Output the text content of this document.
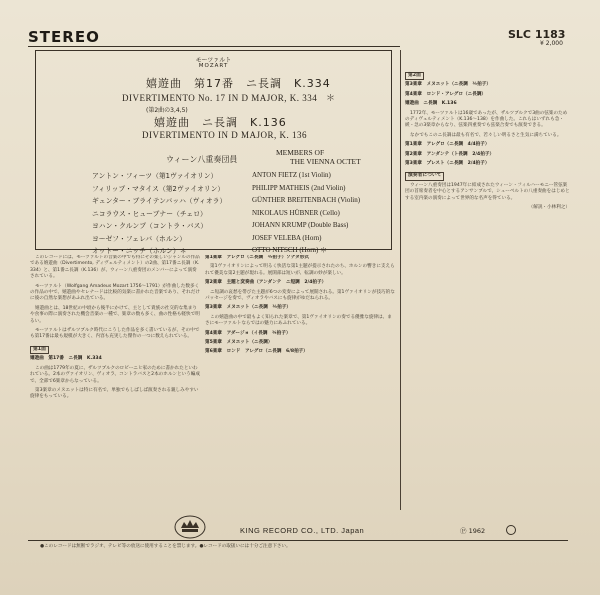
STEREO	SLC 1183
¥ 2,000
モーツァルト
MOZART
嬉遊曲　第17番　ニ長調　K.334
DIVERTIMENTO No. 17 IN D MAJOR, K. 334 ＊
(第2曲の3,4,5)
嬉遊曲　ニ長調　K.136
DIVERTIMENTO IN D MAJOR, K. 136
ウィーン八重奏団員
MEMBERS OF
THE VIENNA OCTET
アントン・フィーツ（第1ヴァイオリン）	ANTON FIETZ (1st Violin)
フィリップ・マタイス（第2ヴァイオリン）	PHILIPP MATHEIS (2nd Violin)
ギュンター・ブライテンバッハ（ヴィオラ）	GÜNTHER BREITENBACH (Violin)
ニコラウス・ヒューブナー（チェロ）	NIKOLAUS HÜBNER (Cello)
ヨハン・クルンプ（コントラ・バス）	JOHANN KRUMP (Double Bass)
ヨーゼフ・フェレバ（ホルン）	JOSEF VELEBA (Horn)
オットー・ニッチ（ホルン）＊	OTTO NITSCH (Horn) ＊

このレコードには、モーツァルトの音楽の中でも特にその楽しいジャンルの作品である嬉遊曲（Divertimento, ディヴェルティメント）の2曲、第17番ニ長調（K.334）と、第1番ニ長調（K.136）が、ウィーン八重奏団のメンバーによって演奏されている。

モーツァルト（Wolfgang Amadeus Mozart 1756〜1791）が作曲した数多くの作品の中で、嬉遊曲やセレナードは比較的気楽に書かれた音楽であり、それだけに彼の自然な楽想があふれ出ている。

嬉遊曲とは、18世紀の中頃から後半にかけて、主として貴族の社交的な集まりや食事の際に演奏された機会音楽の一種で、楽章の数も多く、曲の性格も軽快で明るい。

モーツァルトはザルツブルク時代にこうした作品を多く書いているが、その中でも第17番は最も規模が大きく、内容も充実した傑作の一つに数えられている。

第1面

嬉遊曲　第17番　ニ長調　K.334

この曲は1779年の夏に、ザルツブルクのロビーニヒ家のために書かれたといわれている。2本のヴァイオリン、ヴィオラ、コントラバスと2本のホルンという編成で、全部で6楽章からなっている。

第3楽章のメヌエットは特に有名で、単独でもしばしば演奏される親しみやすい旋律をもっている。

第1楽章　アレグロ（ニ長調　¾拍子）ソナタ形式

第1ヴァイオリンによって明るく快活な第1主題が提示されたのち、ホルンの響きに支えられて優美な第2主題が現れる。展開部は短いが、転調の妙が楽しい。

第2楽章　主題と変奏曲（アンダンテ　ニ短調　2/4拍子）

ニ短調の哀愁を帯びた主題が6つの変奏によって展開される。第1ヴァイオリンが技巧的なパッセージを奏で、ヴィオラやバスにも旋律がゆだねられる。

第3楽章　メヌエット（ニ長調　¾拍子）

この嬉遊曲の中で最もよく知られた楽章で、第1ヴァイオリンの奏でる優雅な旋律は、まさにモーツァルトならではの魅力にあふれている。

第4楽章　アダージョ（イ長調　¾拍子）

第5楽章　メヌエット（ニ長調）

第6楽章　ロンド　アレグロ（ニ長調　6/8拍子）

第2面

第3楽章　メヌエット（ニ長調　¾拍子）

第4楽章　ロンド・アレグロ（ニ長調）

嬉遊曲　ニ長調　K.136

1772年、モーツァルトは16歳であったが、ザルツブルクで3曲の弦楽のためのディヴェルティメント（K.136〜138）を作曲した。これらはいずれも急・緩・急の3楽章からなり、弦楽四重奏でも弦楽合奏でも演奏できる。

なかでもこのニ長調は最も有名で、若々しい明るさと生気に満ちている。

第1楽章　アレグロ（ニ長調　4/4拍子）

第2楽章　アンダンテ（ト長調　2/4拍子）

第3楽章　プレスト（ニ長調　2/4拍子）

演奏者について

ウィーン八重奏団は1947年に結成されたウィーン・フィルハーモニー管弦楽団の首席奏者を中心とするアンサンブルで、シューベルトの八重奏曲をはじめとする室内楽の演奏によって世界的な名声を得ている。

（解説・小林利之）

KING RECORD CO., LTD. Japan	Ⓟ 1962
●このレコードは無断でラジオ、テレビ等の放送に使用することを禁じます。●レコードの取扱いには十分ご注意下さい。
